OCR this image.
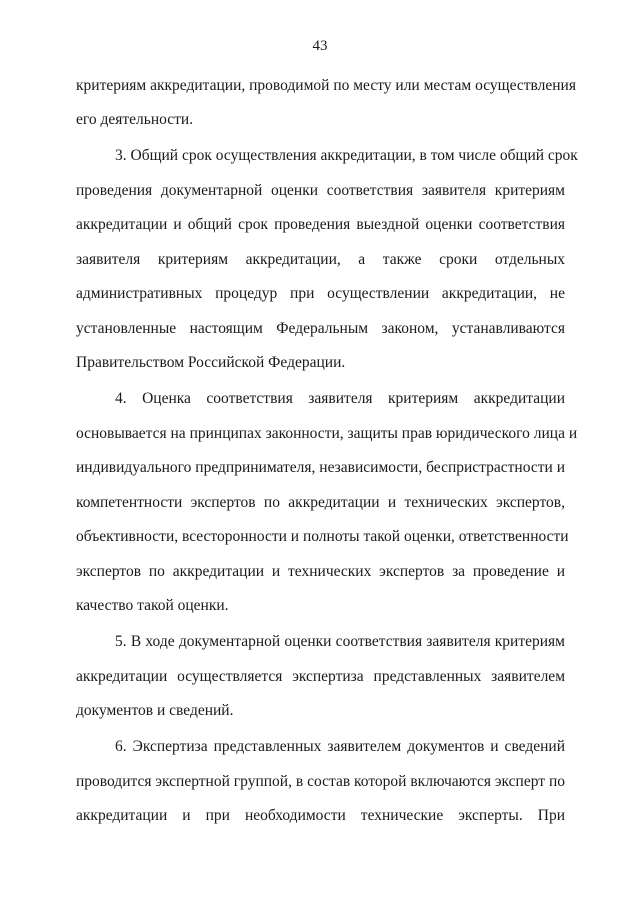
43
критериям аккредитации, проводимой по месту или местам осуществления
его деятельности.
3. Общий срок осуществления аккредитации, в том числе общий срок
проведения документарной оценки соответствия заявителя критериям
аккредитации и общий срок проведения выездной оценки соответствия
заявителя критериям аккредитации, а также сроки отдельных
административных процедур при осуществлении аккредитации, не
установленные настоящим Федеральным законом, устанавливаются
Правительством Российской Федерации.
4. Оценка соответствия заявителя критериям аккредитации
основывается на принципах законности, защиты прав юридического лица и
индивидуального предпринимателя, независимости, беспристрастности и
компетентности экспертов по аккредитации и технических экспертов,
объективности, всесторонности и полноты такой оценки, ответственности
экспертов по аккредитации и технических экспертов за проведение и
качество такой оценки.
5. В ходе документарной оценки соответствия заявителя критериям
аккредитации осуществляется экспертиза представленных заявителем
документов и сведений.
6. Экспертиза представленных заявителем документов и сведений
проводится экспертной группой, в состав которой включаются эксперт по
аккредитации и при необходимости технические эксперты. При
